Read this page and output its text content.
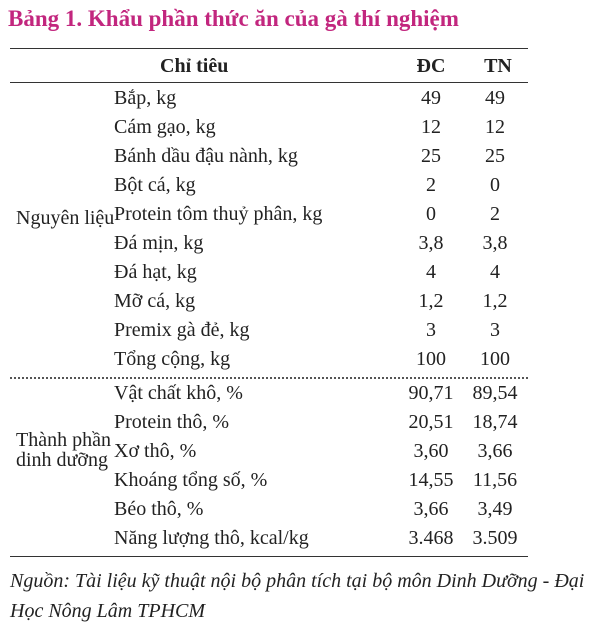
Bảng 1. Khẩu phần thức ăn của gà thí nghiệm
Chỉ tiêu	ĐC	TN
Nguyên liệu
Bắp, kg	49	49
Cám gạo, kg	12	12
Bánh dầu đậu nành, kg	25	25
Bột cá, kg	2	0
Protein tôm thuỷ phân, kg	0	2
Đá mịn, kg	3,8	3,8
Đá hạt, kg	4	4
Mỡ cá, kg	1,2	1,2
Premix gà đẻ, kg	3	3
Tổng cộng, kg	100	100
Thành phần dinh dưỡng
Vật chất khô, %	90,71 89,54
Protein thô, %	20,51 18,74
Xơ thô, %	3,60	3,66
Khoáng tổng số, %	14,55 11,56
Béo thô, %	3,66	3,49
Năng lượng thô, kcal/kg	3.468 3.509
Nguồn: Tài liệu kỹ thuật nội bộ phân tích tại bộ môn Dinh Dưỡng - Đại Học Nông Lâm TPHCM
